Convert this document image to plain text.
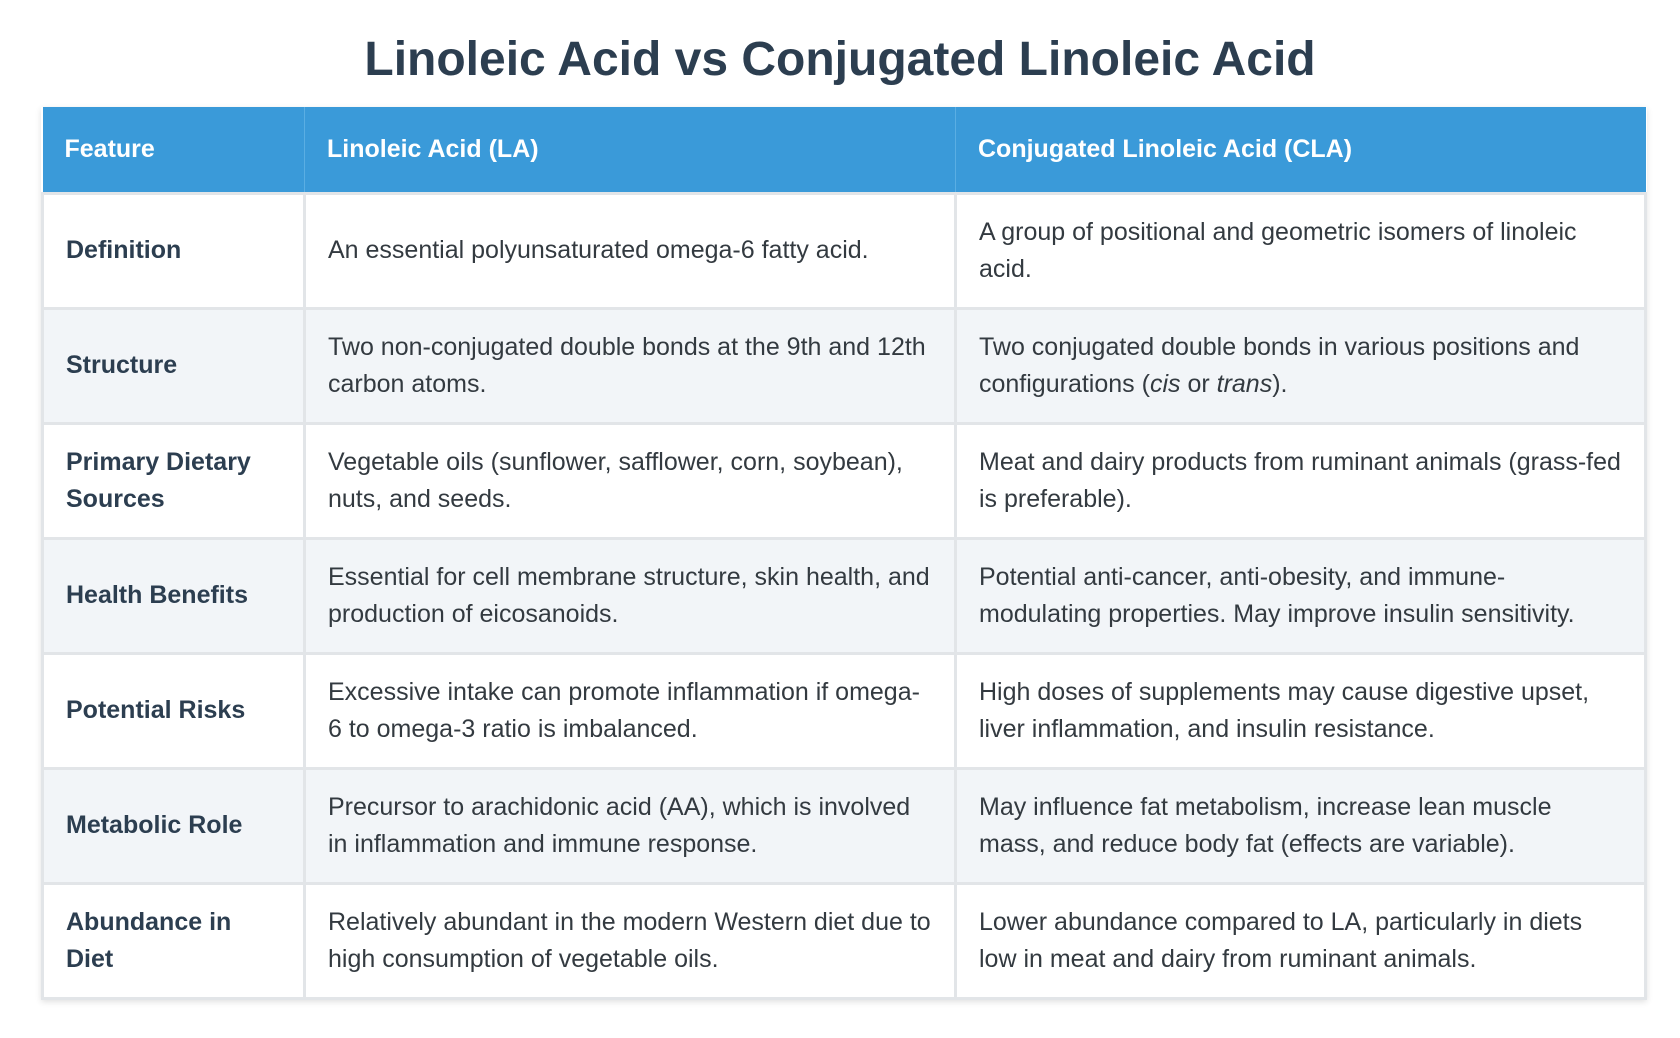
Linoleic Acid vs Conjugated Linoleic Acid
Feature	Linoleic Acid (LA)	Conjugated Linoleic Acid (CLA)
Definition	An essential polyunsaturated omega-6 fatty acid.	A group of positional and geometric isomers of linoleic acid.
Structure	Two non-conjugated double bonds at the 9th and 12th carbon atoms.	Two conjugated double bonds in various positions and configurations (cis or trans).
Primary Dietary Sources	Vegetable oils (sunflower, safflower, corn, soybean), nuts, and seeds.	Meat and dairy products from ruminant animals (grass-fed is preferable).
Health Benefits	Essential for cell membrane structure, skin health, and production of eicosanoids.	Potential anti-cancer, anti-obesity, and immune-modulating properties. May improve insulin sensitivity.
Potential Risks	Excessive intake can promote inflammation if omega-6 to omega-3 ratio is imbalanced.	High doses of supplements may cause digestive upset, liver inflammation, and insulin resistance.
Metabolic Role	Precursor to arachidonic acid (AA), which is involved in inflammation and immune response.	May influence fat metabolism, increase lean muscle mass, and reduce body fat (effects are variable).
Abundance in Diet	Relatively abundant in the modern Western diet due to high consumption of vegetable oils.	Lower abundance compared to LA, particularly in diets low in meat and dairy from ruminant animals.
